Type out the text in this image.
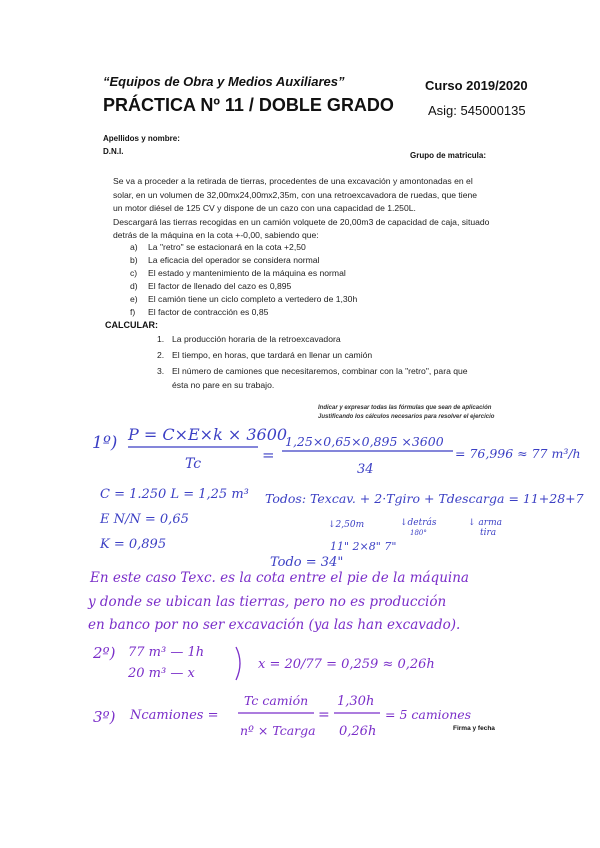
“Equipos de Obra y Medios Auxiliares”
PRÁCTICA Nº 11 / DOBLE GRADO
Curso 2019/2020
Asig: 545000135
Apellidos y nombre:
D.N.I.	Grupo de matricula:
Se va a proceder a la retirada de tierras, procedentes de una excavación y amontonadas en el
solar, en un volumen de 32,00mx24,00mx2,35m, con una retroexcavadora de ruedas, que tiene
un motor diésel de 125 CV y dispone de un cazo con una capacidad de 1.250L.
Descargará las tierras recogidas en un camión volquete de 20,00m3 de capacidad de caja, situado
detrás de la máquina en la cota +-0,00, sabiendo que:
a) La "retro" se estacionará en la cota +2,50
b) La eficacia del operador se considera normal
c) El estado y mantenimiento de la máquina es normal
d) El factor de llenado del cazo es 0,895
e) El camión tiene un ciclo completo a vertedero de 1,30h
f) El factor de contracción es 0,85
CALCULAR:
1. La producción horaria de la retroexcavadora
2. El tiempo, en horas, que tardará en llenar un camión
3. El número de camiones que necesitaremos, combinar con la "retro", para que
ésta no pare en su trabajo.
Indicar y expresar todas las fórmulas que sean de aplicación
Justificando los cálculos necesarios para resolver el ejercicio
1º) P = C×E×k × 3600
Tc	=
1,25×0,65×0,895 ×3600
34
= 76,996 ≈ 77 m³/h
C = 1.250 L = 1,25 m³
E N/N = 0,65
K = 0,895
Todos: Texcav. + 2·Tgiro + Tdescarga = 11+28+7
↓2,50m	↓detrás
180°
↓ arma
tira
11" 2×8" 7"
Todo = 34"
En este caso Texc. es la cota entre el pie de la máquina
y donde se ubican las tierras, pero no es producción
en banco por no ser excavación (ya las han excavado).
2º) 77 m³ — 1h
20 m³ — x
x = 20/77 = 0,259 ≈ 0,26h
3º) Ncamiones =
Tc camión
nº × Tcarga
=
1,30h
0,26h
= 5 camiones
Firma y fecha
